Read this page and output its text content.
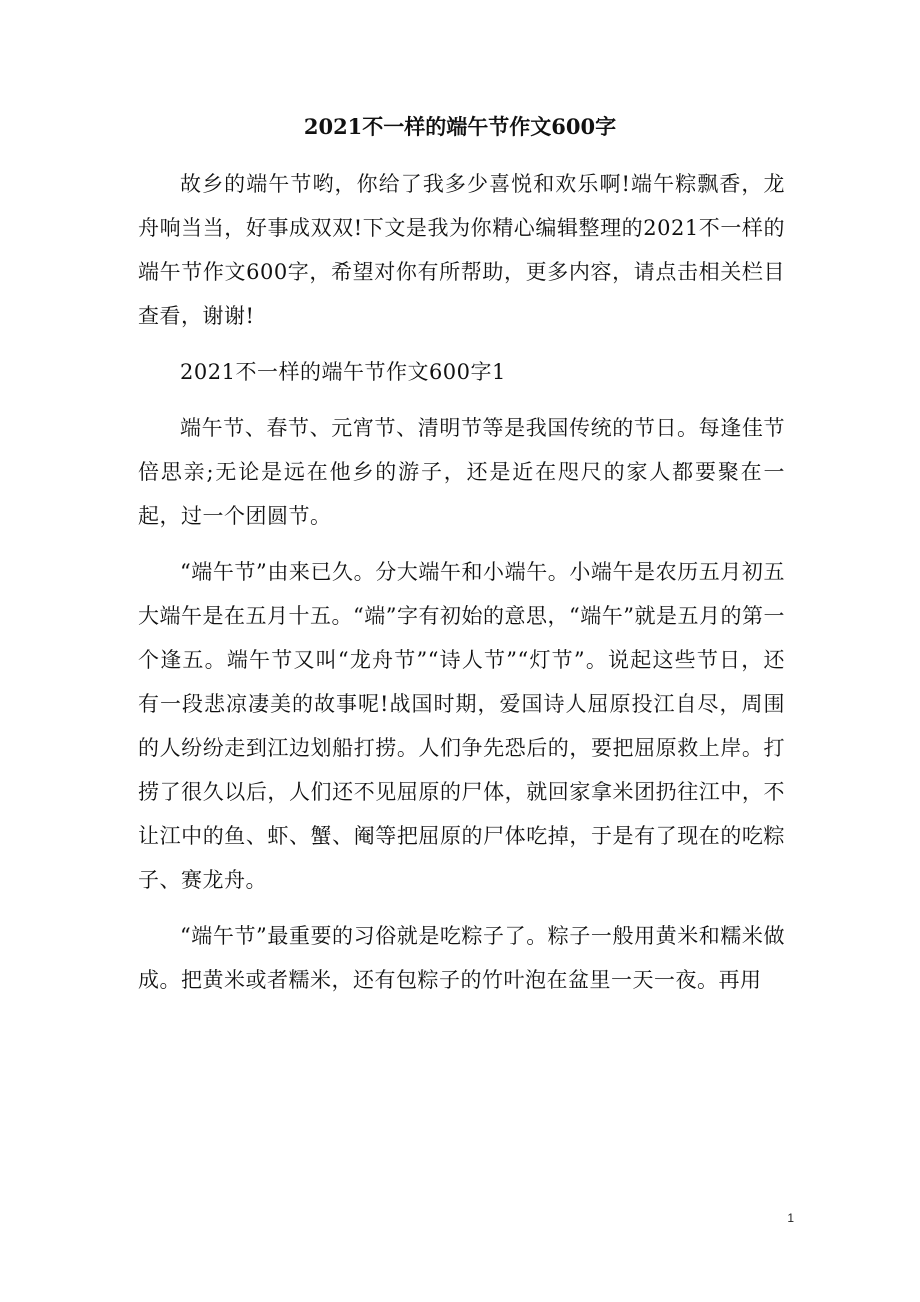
2021不一样的端午节作文600字

故乡的端午节哟，你给了我多少喜悦和欢乐啊!端午粽飘香，龙舟响当当，好事成双双!下文是我为你精心编辑整理的2021不一样的端午节作文600字，希望对你有所帮助，更多内容，请点击相关栏目查看，谢谢!

2021不一样的端午节作文600字1

端午节、春节、元宵节、清明节等是我国传统的节日。每逢佳节倍思亲;无论是远在他乡的游子，还是近在咫尺的家人都要聚在一起，过一个团圆节。

“端午节”由来已久。分大端午和小端午。小端午是农历五月初五大端午是在五月十五。“端”字有初始的意思，“端午”就是五月的第一个逢五。端午节又叫“龙舟节”“诗人节”“灯节”。说起这些节日，还有一段悲凉凄美的故事呢!战国时期，爱国诗人屈原投江自尽，周围的人纷纷走到江边划船打捞。人们争先恐后的，要把屈原救上岸。打捞了很久以后，人们还不见屈原的尸体，就回家拿米团扔往江中，不让江中的鱼、虾、蟹、阉等把屈原的尸体吃掉，于是有了现在的吃粽子、赛龙舟。

“端午节”最重要的习俗就是吃粽子了。粽子一般用黄米和糯米做成。把黄米或者糯米，还有包粽子的竹叶泡在盆里一天一夜。再用

1
